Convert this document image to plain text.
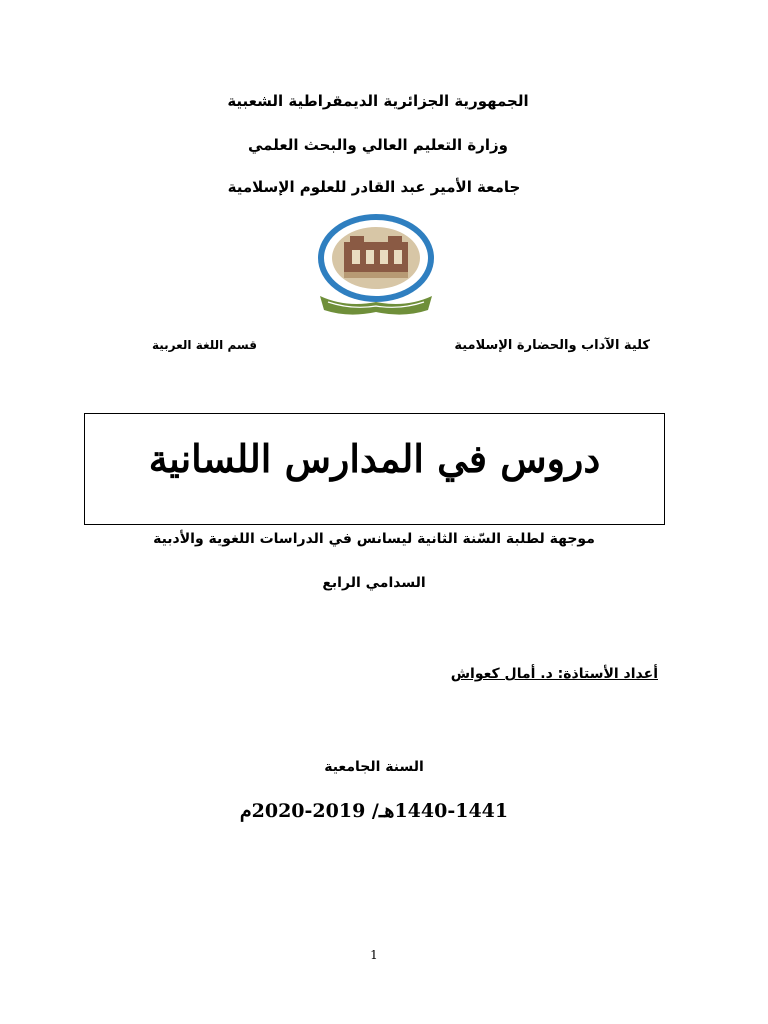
الجمهورية الجزائرية الديمقراطية الشعبية
وزارة التعليم العالي والبحث العلمي
جامعة الأمير عبد القادر للعلوم الإسلامية
كلية الآداب والحضارة الإسلامية
قسم اللغة العربية
دروس في المدارس اللسانية
موجهة لطلبة السّنة الثانية ليسانس في الدراسات اللغوية والأدبية
السدامي الرابع
أعداد الأستاذة: د. أمال كعواش
السنة الجامعية
1440-1441هـ/ 2019-2020م
1
